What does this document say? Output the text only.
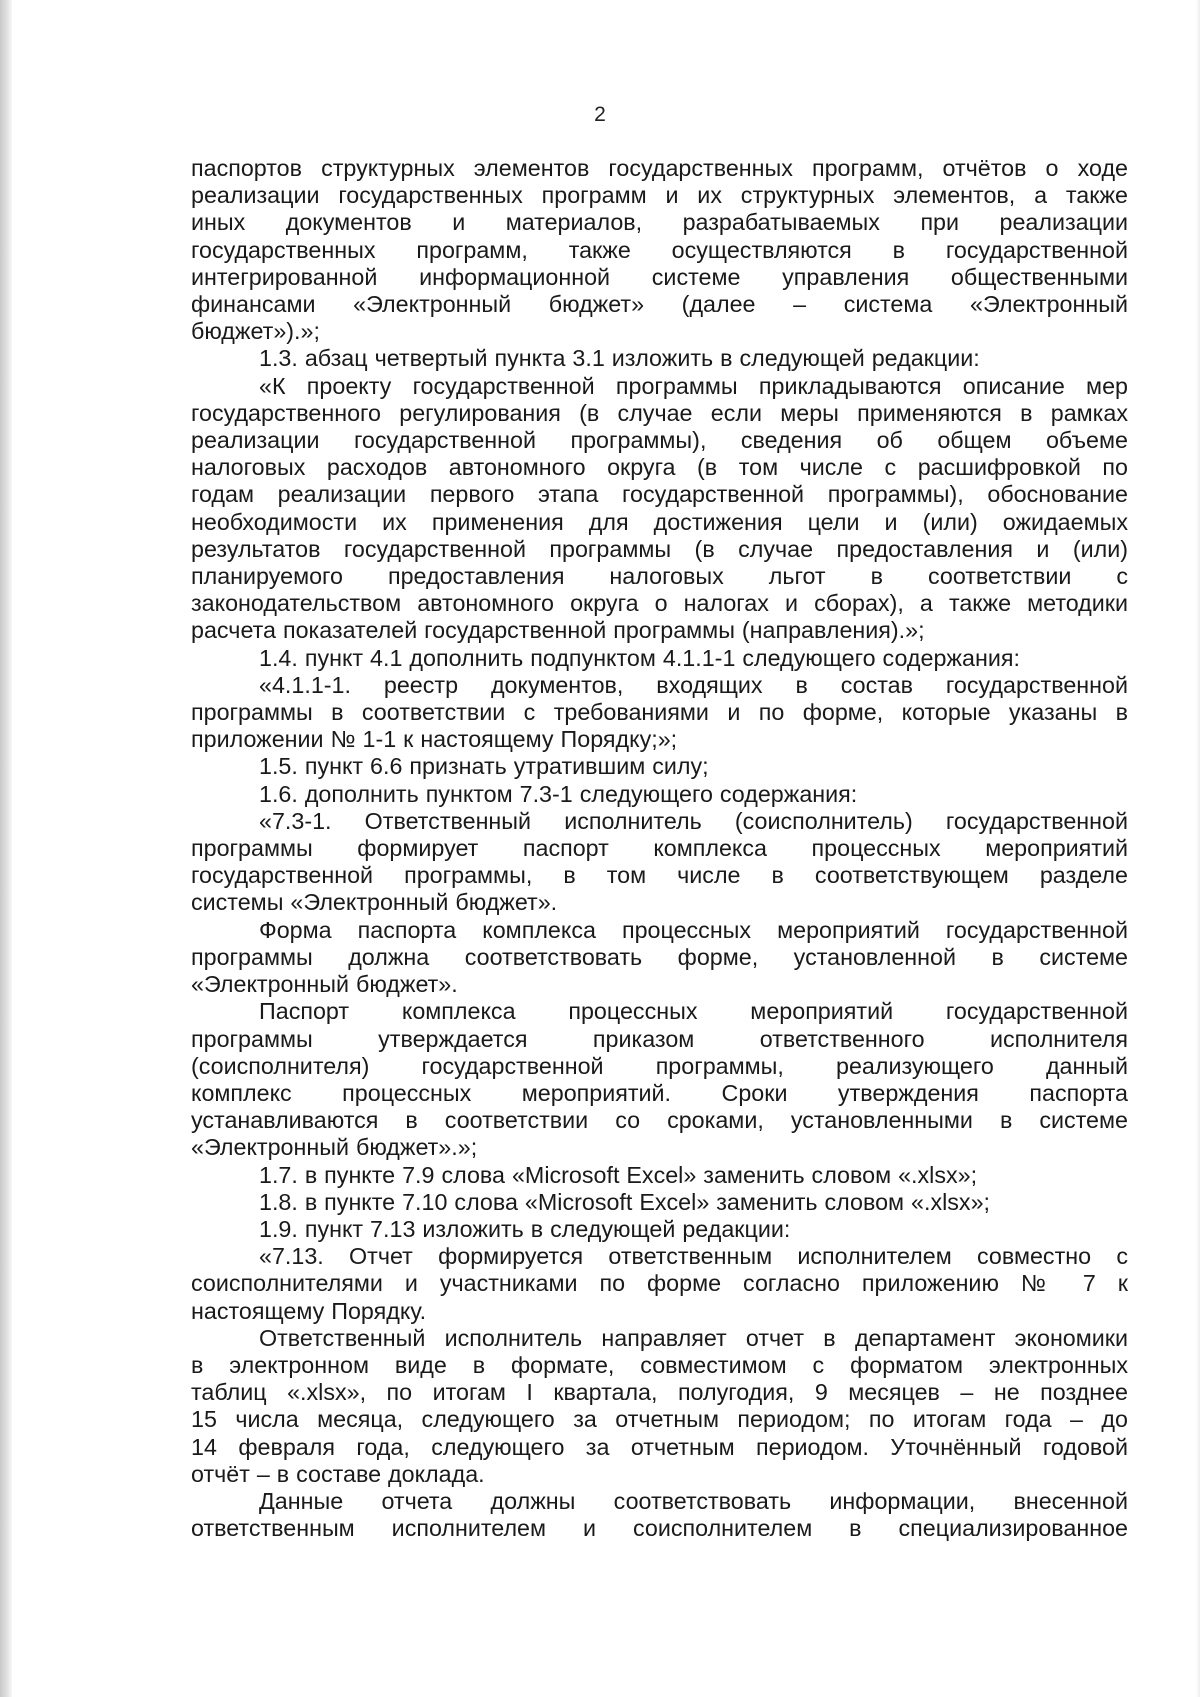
2

паспортов структурных элементов государственных программ, отчётов о ходе

реализации государственных программ и их структурных элементов, а также

иных документов и материалов, разрабатываемых при реализации

государственных программ, также осуществляются в государственной

интегрированной информационной системе управления общественными

финансами «Электронный бюджет» (далее – система «Электронный

бюджет»).»;

1.3. абзац четвертый пункта 3.1 изложить в следующей редакции:

«К проекту государственной программы прикладываются описание мер

государственного регулирования (в случае если меры применяются в рамках

реализации государственной программы), сведения об общем объеме

налоговых расходов автономного округа (в том числе с расшифровкой по

годам реализации первого этапа государственной программы), обоснование

необходимости их применения для достижения цели и (или) ожидаемых

результатов государственной программы (в случае предоставления и (или)

планируемого предоставления налоговых льгот в соответствии с

законодательством автономного округа о налогах и сборах), а также методики

расчета показателей государственной программы (направления).»;

1.4. пункт 4.1 дополнить подпунктом 4.1.1-1 следующего содержания:

«4.1.1-1. реестр документов, входящих в состав государственной

программы в соответствии с требованиями и по форме, которые указаны в

приложении № 1-1 к настоящему Порядку;»;

1.5. пункт 6.6 признать утратившим силу;

1.6. дополнить пунктом 7.3-1 следующего содержания:

«7.3-1. Ответственный исполнитель (соисполнитель) государственной

программы формирует паспорт комплекса процессных мероприятий

государственной программы, в том числе в соответствующем разделе

системы «Электронный бюджет».

Форма паспорта комплекса процессных мероприятий государственной

программы должна соответствовать форме, установленной в системе

«Электронный бюджет».

Паспорт комплекса процессных мероприятий государственной

программы утверждается приказом ответственного исполнителя

(соисполнителя) государственной программы, реализующего данный

комплекс процессных мероприятий. Сроки утверждения паспорта

устанавливаются в соответствии со сроками, установленными в системе

«Электронный бюджет».»;

1.7. в пункте 7.9 слова «Microsoft Excel» заменить словом «.xlsx»;

1.8. в пункте 7.10 слова «Microsoft Excel» заменить словом «.xlsx»;

1.9. пункт 7.13 изложить в следующей редакции:

«7.13. Отчет формируется ответственным исполнителем совместно с

соисполнителями и участниками по форме согласно приложению № 7 к

настоящему Порядку.

Ответственный исполнитель направляет отчет в департамент экономики

в электронном виде в формате, совместимом с форматом электронных

таблиц «.xlsx», по итогам I квартала, полугодия, 9 месяцев – не позднее

15 числа месяца, следующего за отчетным периодом; по итогам года – до

14 февраля года, следующего за отчетным периодом. Уточнённый годовой

отчёт – в составе доклада.

Данные отчета должны соответствовать информации, внесенной

ответственным исполнителем и соисполнителем в специализированное
